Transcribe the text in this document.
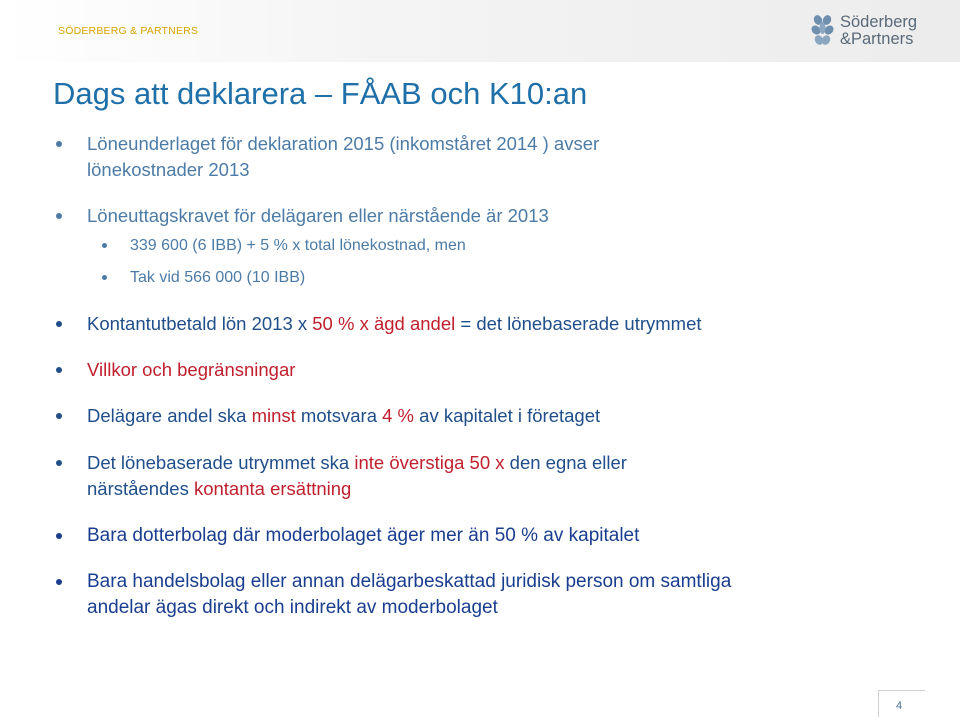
SÖDERBERG & PARTNERS	Söderberg
&Partners
Dags att deklarera – FÅAB och K10:an
Löneunderlaget för deklaration 2015 (inkomståret 2014 ) avser
lönekostnader 2013
Löneuttagskravet för delägaren eller närstående är 2013
339 600 (6 IBB) + 5 % x total lönekostnad, men
Tak vid 566 000 (10 IBB)
Kontantutbetald lön 2013 x 50 % x ägd andel = det lönebaserade utrymmet
Villkor och begränsningar
Delägare andel ska minst motsvara 4 % av kapitalet i företaget
Det lönebaserade utrymmet ska inte överstiga 50 x den egna eller
närståendes kontanta ersättning
Bara dotterbolag där moderbolaget äger mer än 50 % av kapitalet
Bara handelsbolag eller annan delägarbeskattad juridisk person om samtliga
andelar ägas direkt och indirekt av moderbolaget
4
